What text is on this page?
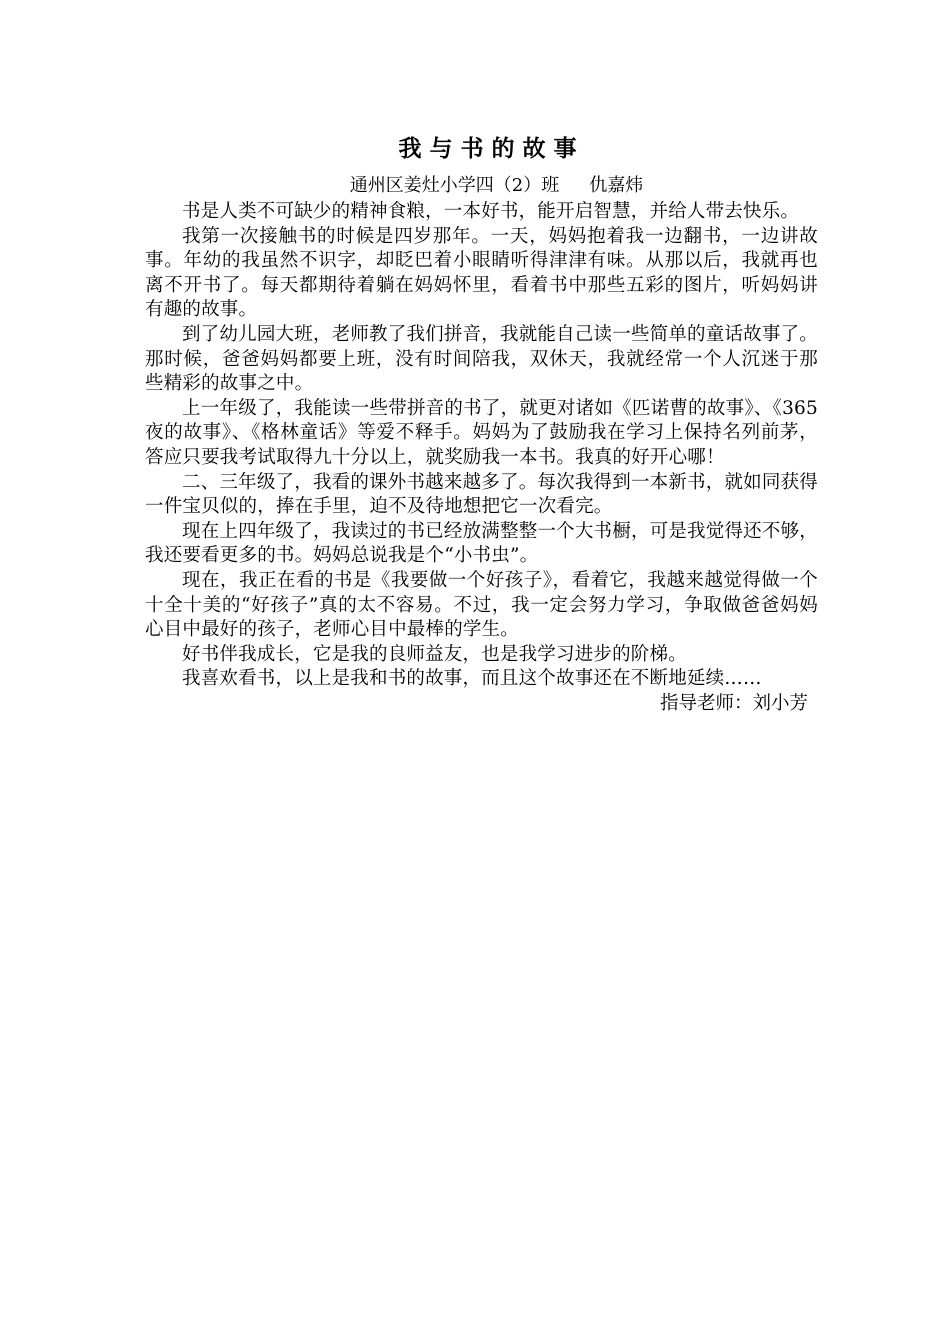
我与书的故事
通州区姜灶小学四（2）班 仇嘉炜

书是人类不可缺少的精神食粮，一本好书，能开启智慧，并给人带去快乐。

我第一次接触书的时候是四岁那年。一天，妈妈抱着我一边翻书，一边讲故事。年幼的我虽然不识字，却眨巴着小眼睛听得津津有味。从那以后，我就再也离不开书了。每天都期待着躺在妈妈怀里，看着书中那些五彩的图片，听妈妈讲有趣的故事。

到了幼儿园大班，老师教了我们拼音，我就能自己读一些简单的童话故事了。那时候，爸爸妈妈都要上班，没有时间陪我，双休天，我就经常一个人沉迷于那些精彩的故事之中。

上一年级了，我能读一些带拼音的书了，就更对诸如《匹诺曹的故事》、《365夜的故事》、《格林童话》等爱不释手。妈妈为了鼓励我在学习上保持名列前茅，答应只要我考试取得九十分以上，就奖励我一本书。我真的好开心哪！

二、三年级了，我看的课外书越来越多了。每次我得到一本新书，就如同获得一件宝贝似的，捧在手里，迫不及待地想把它一次看完。

现在上四年级了，我读过的书已经放满整整一个大书橱，可是我觉得还不够，我还要看更多的书。妈妈总说我是个“小书虫”。

现在，我正在看的书是《我要做一个好孩子》，看着它，我越来越觉得做一个十全十美的“好孩子”真的太不容易。不过，我一定会努力学习，争取做爸爸妈妈心目中最好的孩子，老师心目中最棒的学生。

好书伴我成长，它是我的良师益友，也是我学习进步的阶梯。

我喜欢看书，以上是我和书的故事，而且这个故事还在不断地延续……

指导老师：刘小芳
